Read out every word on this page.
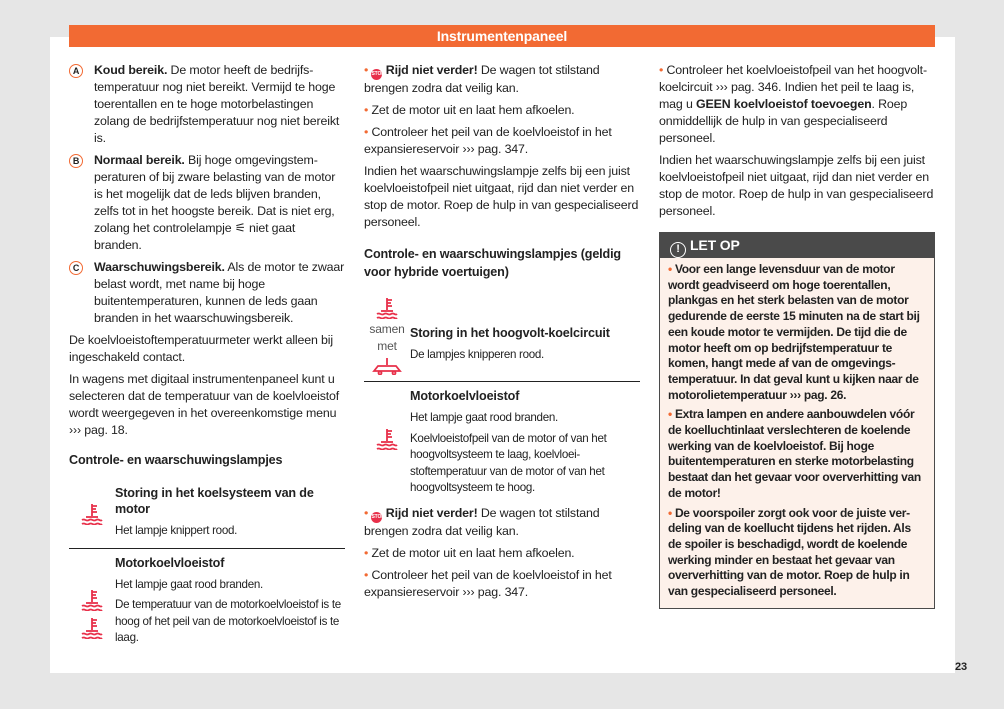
Instrumentenpaneel
A	Koud bereik. De motor heeft de bedrijfstemperatuur nog niet bereikt. Vermijd te hoge toerentallen en te hoge motorbelastingen zolang de bedrijfstemperatuur nog niet bereikt is.
B	Normaal bereik. Bij hoge omgevingstemperaturen of bij zware belasting van de motor is het mogelijk dat de leds blijven branden, zelfs tot in het hoogste bereik. Dat is niet erg, zolang het controlelampje ⚟ niet gaat branden.
C	Waarschuwingsbereik. Als de motor te zwaar belast wordt, met name bij hoge buitentemperaturen, kunnen de leds gaan branden in het waarschuwingsbereik.

De koelvloeistoftemperatuurmeter werkt alleen bij ingeschakeld contact.

In wagens met digitaal instrumentenpaneel kunt u selecteren dat de temperatuur van de koelvloeistof wordt weergegeven in het overeenkomstige menu ››› pag. 18.

Controle- en waarschuwingslampjes
Storing in het koelsysteem van de motor
Het lampje knippert rood.
Motorkoelvloeistof
Het lampje gaat rood branden.
De temperatuur van de motorkoelvloeistof is te hoog of het peil van de motorkoelvloeistof is te laag.

• STOP Rijd niet verder! De wagen tot stilstand brengen zodra dat veilig kan.

• Zet de motor uit en laat hem afkoelen.

• Controleer het peil van de koelvloeistof in het expansiereservoir ››› pag. 347.

Indien het waarschuwingslampje zelfs bij een juist koelvloeistofpeil niet uitgaat, rijd dan niet verder en stop de motor. Roep de hulp in van gespecialiseerd personeel.

Controle- en waarschuwingslampjes (geldig voor hybride voertuigen)
samen met
Storing in het hoogvolt-koelcircuit
De lampjes knipperen rood.
Motorkoelvloeistof
Het lampje gaat rood branden.
Koelvloeistofpeil van de motor of van het hoogvoltsysteem te laag, koelvloeistoftemperatuur van de motor of van het hoogvoltsysteem te hoog.

• STOP Rijd niet verder! De wagen tot stilstand brengen zodra dat veilig kan.

• Zet de motor uit en laat hem afkoelen.

• Controleer het peil van de koelvloeistof in het expansiereservoir ››› pag. 347.

• Controleer het koelvloeistofpeil van het hoogvolt-koelcircuit ››› pag. 346. Indien het peil te laag is, mag u GEEN koelvloeistof toevoegen. Roep onmiddellijk de hulp in van gespecialiseerd personeel.

Indien het waarschuwingslampje zelfs bij een juist koelvloeistofpeil niet uitgaat, rijd dan niet verder en stop de motor. Roep de hulp in van gespecialiseerd personeel.

! LET OP

• Voor een lange levensduur van de motor wordt geadviseerd om hoge toerentallen, plankgas en het sterk belasten van de motor gedurende de eerste 15 minuten na de start bij een koude motor te vermijden. De tijd die de motor heeft om op bedrijfstemperatuur te komen, hangt mede af van de omgevingstemperatuur. In dat geval kunt u kijken naar de motorolietemperatuur ››› pag. 26.

• Extra lampen en andere aanbouwdelen vóór de koelluchtinlaat verslechteren de koelende werking van de koelvloeistof. Bij hoge buitentemperaturen en sterke motorbelasting bestaat dan het gevaar voor oververhitting van de motor!

• De voorspoiler zorgt ook voor de juiste verdeling van de koellucht tijdens het rijden. Als de spoiler is beschadigd, wordt de koelende werking minder en bestaat het gevaar van oververhitting van de motor. Roep de hulp in van gespecialiseerd personeel.

23
